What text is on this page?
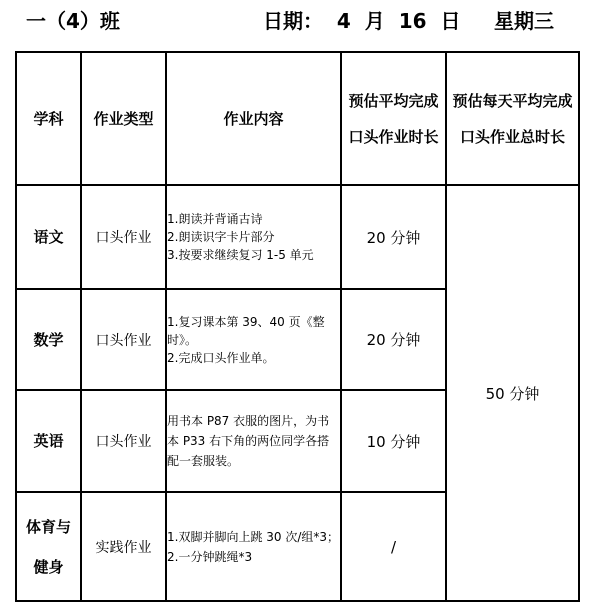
一（4）班	日期：  4  月  16  日 星期三
学科	作业类型	作业内容	预估平均完成口头作业时长	预估每天平均完成口头作业总时长
语文	口头作业	1.朗读并背诵古诗
2.朗读识字卡片部分
3.按要求继续复习 1-5 单元	20 分钟	50 分钟
数学	口头作业	1.复习课本第 39、40 页《整时》。
2.完成口头作业单。	20 分钟	
英语	口头作业	用书本 P87 衣服的图片，为书本 P33 右下角的两位同学各搭配一套服装。	10 分钟	
体育与健身	实践作业	1.双脚并脚向上跳 30 次/组*3；
2.一分钟跳绳*3	/	
